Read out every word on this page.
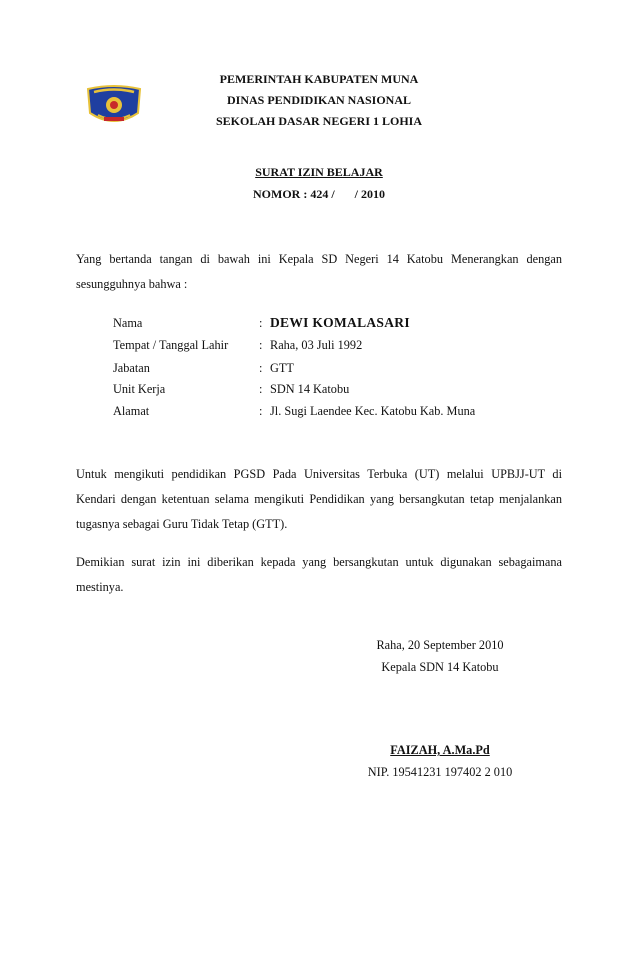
PEMERINTAH KABUPATEN MUNA
DINAS PENDIDIKAN NASIONAL
SEKOLAH DASAR NEGERI 1 LOHIA
SURAT IZIN BELAJAR
NOMOR : 424 / / 2010
Yang bertanda tangan di bawah ini Kepala SD Negeri 14 Katobu Menerangkan dengan
sesungguhnya bahwa :
Nama	: DEWI KOMALASARI
Tempat / Tanggal Lahir	: Raha, 03 Juli 1992
Jabatan	: GTT
Unit Kerja	: SDN 14 Katobu
Alamat	: Jl. Sugi Laendee Kec. Katobu Kab. Muna
Untuk mengikuti pendidikan PGSD Pada Universitas Terbuka (UT) melalui UPBJJ-UT di
Kendari dengan ketentuan selama mengikuti Pendidikan yang bersangkutan tetap menjalankan
tugasnya sebagai Guru Tidak Tetap (GTT).
Demikian surat izin ini diberikan kepada yang bersangkutan untuk digunakan sebagaimana
mestinya.
Raha, 20 September 2010
Kepala SDN 14 Katobu
FAIZAH, A.Ma.Pd
NIP. 19541231 197402 2 010
